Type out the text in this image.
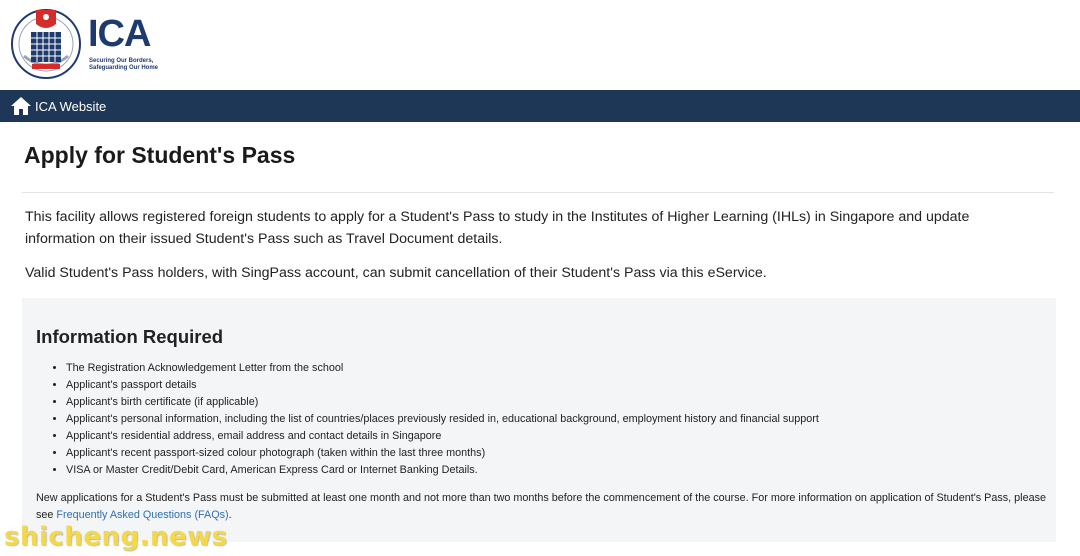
ICA
Securing Our Borders,
Safeguarding Our Home
ICA Website
Apply for Student's Pass

This facility allows registered foreign students to apply for a Student's Pass to study in the Institutes of Higher Learning (IHLs) in Singapore and update information on their issued Student's Pass such as Travel Document details.

Valid Student's Pass holders, with SingPass account, can submit cancellation of their Student's Pass via this eService.

Information Required
• The Registration Acknowledgement Letter from the school
• Applicant's passport details
• Applicant's birth certificate (if applicable)
• Applicant's personal information, including the list of countries/places previously resided in, educational background, employment history and financial support
• Applicant's residential address, email address and contact details in Singapore
• Applicant's recent passport-sized colour photograph (taken within the last three months)
• VISA or Master Credit/Debit Card, American Express Card or Internet Banking Details.

New applications for a Student's Pass must be submitted at least one month and not more than two months before the commencement of the course. For more information on application of Student's Pass, please see Frequently Asked Questions (FAQs).

shicheng.news
